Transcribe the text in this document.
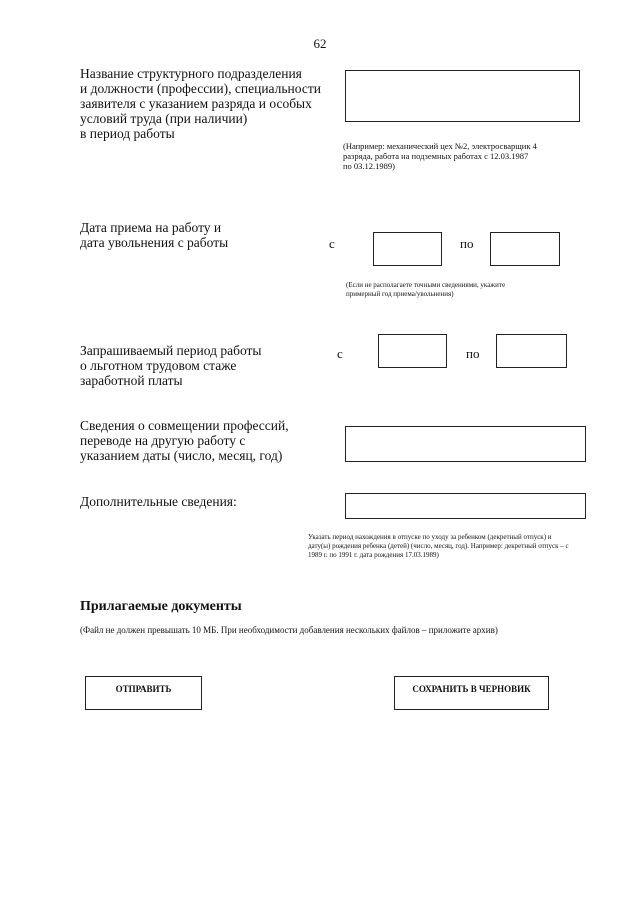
62
Название структурного подразделения
и должности (профессии), специальности
заявителя с указанием разряда и особых
условий труда (при наличии)
в период работы
(Например: механический цех №2, электросварщик 4
разряда, работа на подземных работах с 12.03.1987
по 03.12.1989)
Дата приема на работу и
дата увольнения с работы	с	по
(Если не располагаете точными сведениями, укажите
примерный год приема/увольнения)
Запрашиваемый период работы
о льготном трудовом стаже
заработной платы
с	по
Сведения о совмещении профессий,
переводе на другую работу с
указанием даты (число, месяц, год)
Дополнительные сведения:
Указать период нахождения в отпуске по уходу за ребенком (декретный отпуск) и
дату(ы) рождения ребенка (детей) (число, месяц, год). Например: декретный отпуск – с
1989 г. по 1991 г. дата рождения 17.03.1989)
Прилагаемые документы
(Файл не должен превышать 10 МБ. При необходимости добавления нескольких файлов – приложите архив)
ОТПРАВИТЬ	СОХРАНИТЬ В ЧЕРНОВИК
